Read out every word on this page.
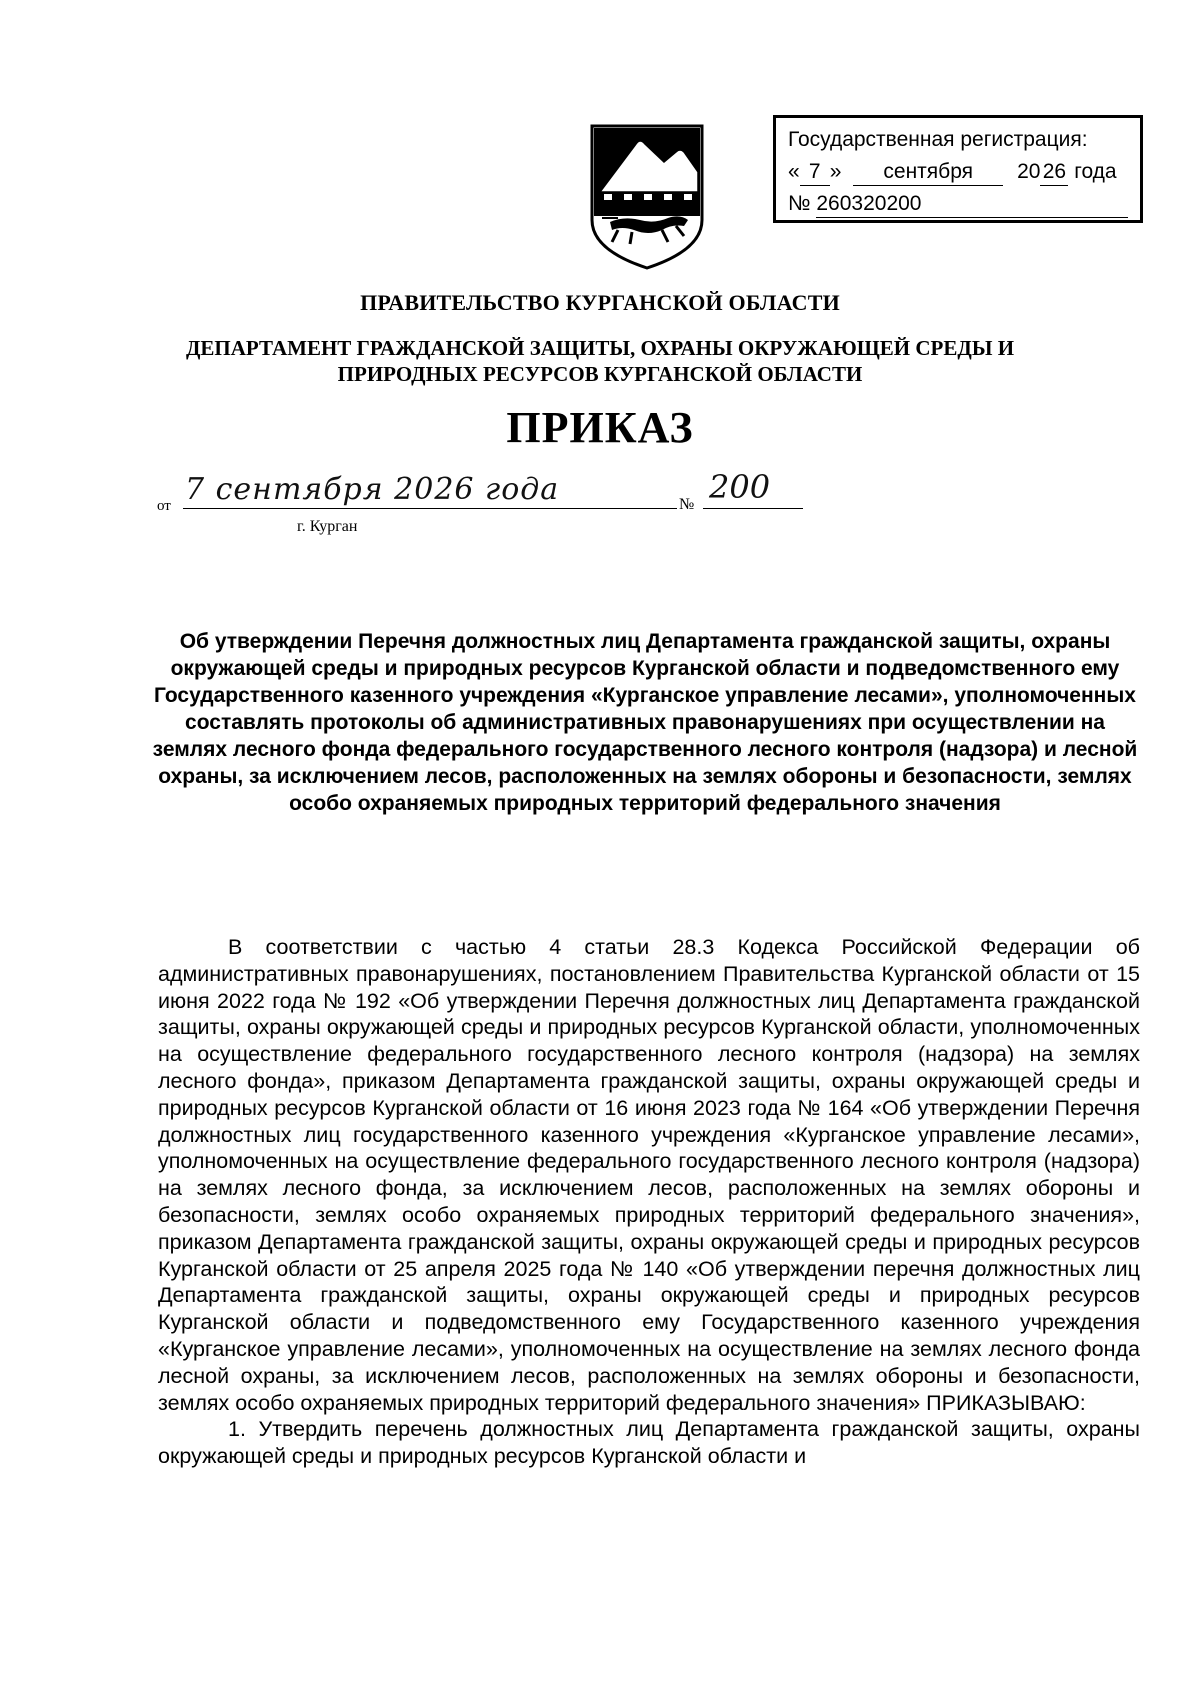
Государственная регистрация:
« 7 » сентября 20 26 года
№ 260320200
ПРАВИТЕЛЬСТВО КУРГАНСКОЙ ОБЛАСТИ
ДЕПАРТАМЕНТ ГРАЖДАНСКОЙ ЗАЩИТЫ, ОХРАНЫ ОКРУЖАЮЩЕЙ СРЕДЫ И
ПРИРОДНЫХ РЕСУРСОВ КУРГАНСКОЙ ОБЛАСТИ
ПРИКАЗ
от 7 сентября 2026 года	№ 200
г. Курган
Об утверждении Перечня должностных лиц Департамента гражданской защиты, охраны окружающей среды и природных ресурсов Курганской области и подведомственного ему Государственного казенного учреждения «Курганское управление лесами», уполномоченных составлять протоколы об административных правонарушениях при осуществлении на землях лесного фонда федерального государственного лесного контроля (надзора) и лесной охраны, за исключением лесов, расположенных на землях обороны и безопасности, землях особо охраняемых природных территорий федерального значения

В соответствии с частью 4 статьи 28.3 Кодекса Российской Федерации об административных правонарушениях, постановлением Правительства Курганской области от 15 июня 2022 года № 192 «Об утверждении Перечня должностных лиц Департамента гражданской защиты, охраны окружающей среды и природных ресурсов Курганской области, уполномоченных на осуществление федерального государственного лесного контроля (надзора) на землях лесного фонда», приказом Департамента гражданской защиты, охраны окружающей среды и природных ресурсов Курганской области от 16 июня 2023 года № 164 «Об утверждении Перечня должностных лиц государственного казенного учреждения «Курганское управление лесами», уполномоченных на осуществление федерального государственного лесного контроля (надзора) на землях лесного фонда, за исключением лесов, расположенных на землях обороны и безопасности, землях особо охраняемых природных территорий федерального значения», приказом Департамента гражданской защиты, охраны окружающей среды и природных ресурсов Курганской области от 25 апреля 2025 года № 140 «Об утверждении перечня должностных лиц Департамента гражданской защиты, охраны окружающей среды и природных ресурсов Курганской области и подведомственного ему Государственного казенного учреждения «Курганское управление лесами», уполномоченных на осуществление на землях лесного фонда лесной охраны, за исключением лесов, расположенных на землях обороны и безопасности, землях особо охраняемых природных территорий федерального значения» ПРИКАЗЫВАЮ:

1. Утвердить перечень должностных лиц Департамента гражданской защиты, охраны окружающей среды и природных ресурсов Курганской области и
